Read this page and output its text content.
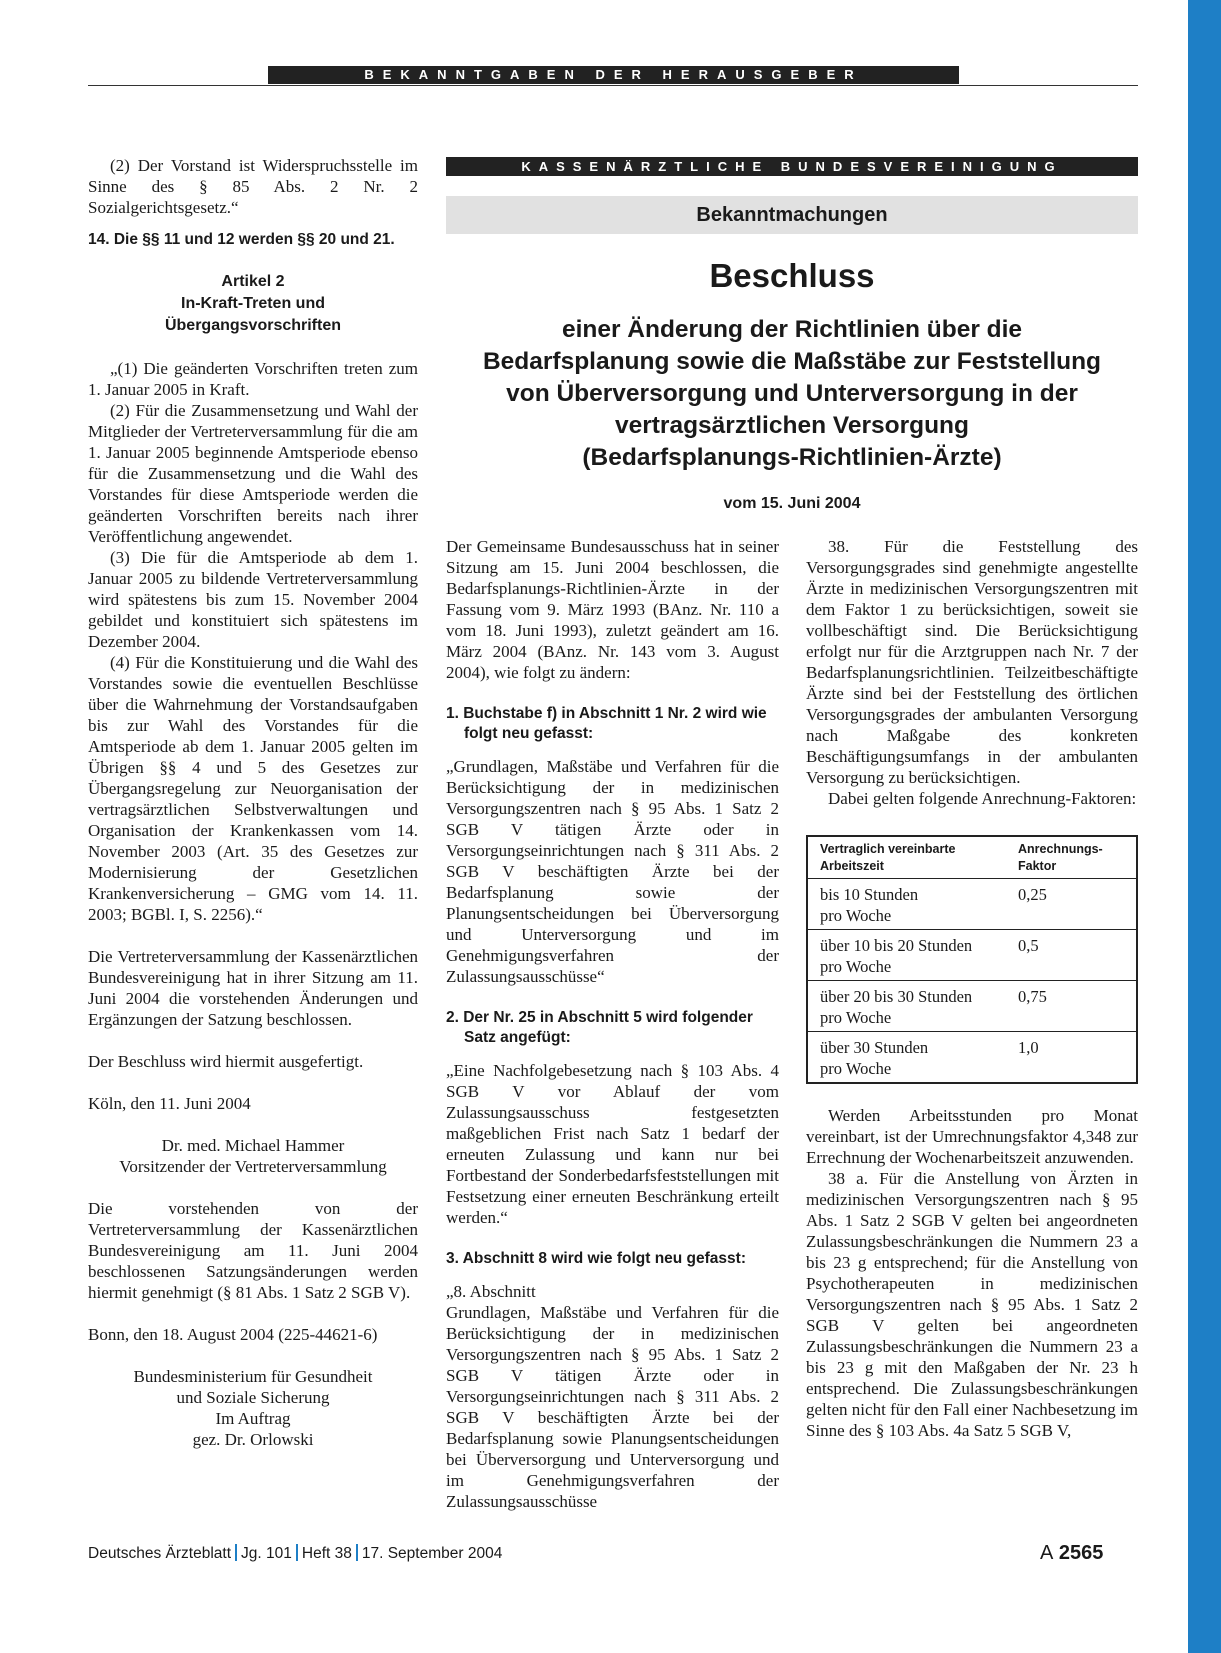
BEKANNTGABEN DER HERAUSGEBER

(2) Der Vorstand ist Widerspruchsstelle im Sinne des § 85 Abs. 2 Nr. 2 Sozialgerichtsgesetz.“

14. Die §§ 11 und 12 werden §§ 20 und 21.

Artikel 2
In-Kraft-Treten und
Übergangsvorschriften

„(1) Die geänderten Vorschriften treten zum 1. Januar 2005 in Kraft.

(2) Für die Zusammensetzung und Wahl der Mitglieder der Vertreterversammlung für die am 1. Januar 2005 beginnende Amtsperiode ebenso für die Zusammensetzung und die Wahl des Vorstandes für diese Amtsperiode werden die geänderten Vorschriften bereits nach ihrer Veröffentlichung angewendet.

(3) Die für die Amtsperiode ab dem 1. Januar 2005 zu bildende Vertreterversammlung wird spätestens bis zum 15. November 2004 gebildet und konstituiert sich spätestens im Dezember 2004.

(4) Für die Konstituierung und die Wahl des Vorstandes sowie die eventuellen Beschlüsse über die Wahrnehmung der Vorstandsaufgaben bis zur Wahl des Vorstandes für die Amtsperiode ab dem 1. Januar 2005 gelten im Übrigen §§ 4 und 5 des Gesetzes zur Übergangsregelung zur Neuorganisation der vertragsärztlichen Selbstverwaltungen und Organisation der Krankenkassen vom 14. November 2003 (Art. 35 des Gesetzes zur Modernisierung der Gesetzlichen Krankenversicherung – GMG vom 14. 11. 2003; BGBl. I, S. 2256).“

Die Vertreterversammlung der Kassenärztlichen Bundesvereinigung hat in ihrer Sitzung am 11. Juni 2004 die vorstehenden Änderungen und Ergänzungen der Satzung beschlossen.

Der Beschluss wird hiermit ausgefertigt.

Köln, den 11. Juni 2004

Dr. med. Michael Hammer
Vorsitzender der Vertreterversammlung

Die vorstehenden von der Vertreterversammlung der Kassenärztlichen Bundesvereinigung am 11. Juni 2004 beschlossenen Satzungsänderungen werden hiermit genehmigt (§ 81 Abs. 1 Satz 2 SGB V).

Bonn, den 18. August 2004 (225-44621-6)

Bundesministerium für Gesundheit
und Soziale Sicherung
Im Auftrag
gez. Dr. Orlowski
KASSENÄRZTLICHE BUNDESVEREINIGUNG
Bekanntmachungen
Beschluss
einer Änderung der Richtlinien über die
Bedarfsplanung sowie die Maßstäbe zur Feststellung
von Überversorgung und Unterversorgung in der
vertragsärztlichen Versorgung
(Bedarfsplanungs-Richtlinien-Ärzte)
vom 15. Juni 2004

Der Gemeinsame Bundesausschuss hat in seiner Sitzung am 15. Juni 2004 beschlossen, die Bedarfsplanungs-Richtlinien-Ärzte in der Fassung vom 9. März 1993 (BAnz. Nr. 110 a vom 18. Juni 1993), zuletzt geändert am 16. März 2004 (BAnz. Nr. 143 vom 3. August 2004), wie folgt zu ändern:

1. Buchstabe f) in Abschnitt 1 Nr. 2 wird wie folgt neu gefasst:

„Grundlagen, Maßstäbe und Verfahren für die Berücksichtigung der in medizinischen Versorgungszentren nach § 95 Abs. 1 Satz 2 SGB V tätigen Ärzte oder in Versorgungseinrichtungen nach § 311 Abs. 2 SGB V beschäftigten Ärzte bei der Bedarfsplanung sowie der Planungsentscheidungen bei Überversorgung und Unterversorgung und im Genehmigungsverfahren der Zulassungsausschüsse“

2. Der Nr. 25 in Abschnitt 5 wird folgender Satz angefügt:

„Eine Nachfolgebesetzung nach § 103 Abs. 4 SGB V vor Ablauf der vom Zulassungsausschuss festgesetzten maßgeblichen Frist nach Satz 1 bedarf der erneuten Zulassung und kann nur bei Fortbestand der Sonderbedarfsfeststellungen mit Festsetzung einer erneuten Beschränkung erteilt werden.“

3. Abschnitt 8 wird wie folgt neu gefasst:

„8. Abschnitt

Grundlagen, Maßstäbe und Verfahren für die Berücksichtigung der in medizinischen Versorgungszentren nach § 95 Abs. 1 Satz 2 SGB V tätigen Ärzte oder in Versorgungseinrichtungen nach § 311 Abs. 2 SGB V beschäftigten Ärzte bei der Bedarfsplanung sowie Planungsentscheidungen bei Überversorgung und Unterversorgung und im Genehmigungsverfahren der Zulassungsausschüsse

38. Für die Feststellung des Versorgungsgrades sind genehmigte angestellte Ärzte in medizinischen Versorgungszentren mit dem Faktor 1 zu berücksichtigen, soweit sie vollbeschäftigt sind. Die Berücksichtigung erfolgt nur für die Arztgruppen nach Nr. 7 der Bedarfsplanungsrichtlinien. Teilzeitbeschäftigte Ärzte sind bei der Feststellung des örtlichen Versorgungsgrades der ambulanten Versorgung nach Maßgabe des konkreten Beschäftigungsumfangs in der ambulanten Versorgung zu berücksichtigen.

Dabei gelten folgende Anrechnung-Faktoren:

Vertraglich vereinbarte
Arbeitszeit	Anrechnungs-Faktor

bis 10 Stunden
pro Woche	0,25

über 10 bis 20 Stunden
pro Woche	0,5

über 20 bis 30 Stunden
pro Woche	0,75

über 30 Stunden
pro Woche	1,0

Werden Arbeitsstunden pro Monat vereinbart, ist der Umrechnungsfaktor 4,348 zur Errechnung der Wochenarbeitszeit anzuwenden.

38 a. Für die Anstellung von Ärzten in medizinischen Versorgungszentren nach § 95 Abs. 1 Satz 2 SGB V gelten bei angeordneten Zulassungsbeschränkungen die Nummern 23 a bis 23 g entsprechend; für die Anstellung von Psychotherapeuten in medizinischen Versorgungszentren nach § 95 Abs. 1 Satz 2 SGB V gelten bei angeordneten Zulassungsbeschränkungen die Nummern 23 a bis 23 g mit den Maßgaben der Nr. 23 h entsprechend. Die Zulassungsbeschränkungen gelten nicht für den Fall einer Nachbesetzung im Sinne des § 103 Abs. 4a Satz 5 SGB V,

Deutsches Ärzteblatt Jg. 101 Heft 38 17. September 2004	A 2565
